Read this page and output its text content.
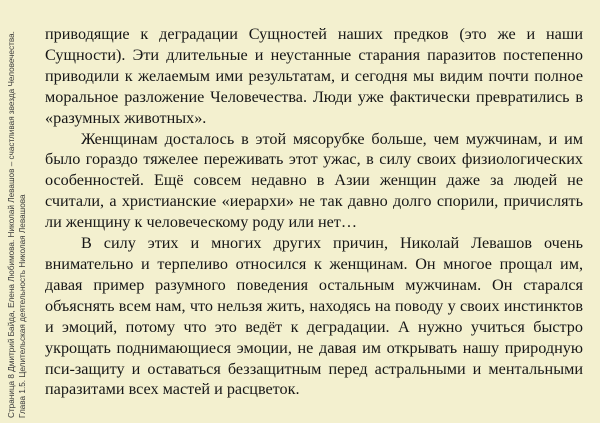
Страница 8 Дмитрий Байда, Елена Любимова. Николай Левашов – счастливая звезда Человечества. Глава 1.5. Целительская деятельность Николая Левашова

приводящие к деградации Сущностей наших предков (это же и наши Сущности). Эти длительные и неустанные старания паразитов постепенно приводили к желаемым ими результатам, и сегодня мы видим почти полное моральное разложение Человечества. Люди уже фактически превратились в «разумных животных».

Женщинам досталось в этой мясорубке больше, чем мужчинам, и им было гораздо тяжелее переживать этот ужас, в силу своих физиологических особенностей. Ещё совсем недавно в Азии женщин даже за людей не считали, а христианские «иерархи» не так давно долго спорили, причислять ли женщину к человеческому роду или нет…

В силу этих и многих других причин, Николай Левашов очень внимательно и терпеливо относился к женщинам. Он многое прощал им, давая пример разумного поведения остальным мужчинам. Он старался объяснять всем нам, что нельзя жить, находясь на поводу у своих инстинктов и эмоций, потому что это ведёт к деградации. А нужно учиться быстро укрощать поднимающиеся эмоции, не давая им открывать нашу природную пси-защиту и оставаться беззащитным перед астральными и ментальными паразитами всех мастей и расцветок.
